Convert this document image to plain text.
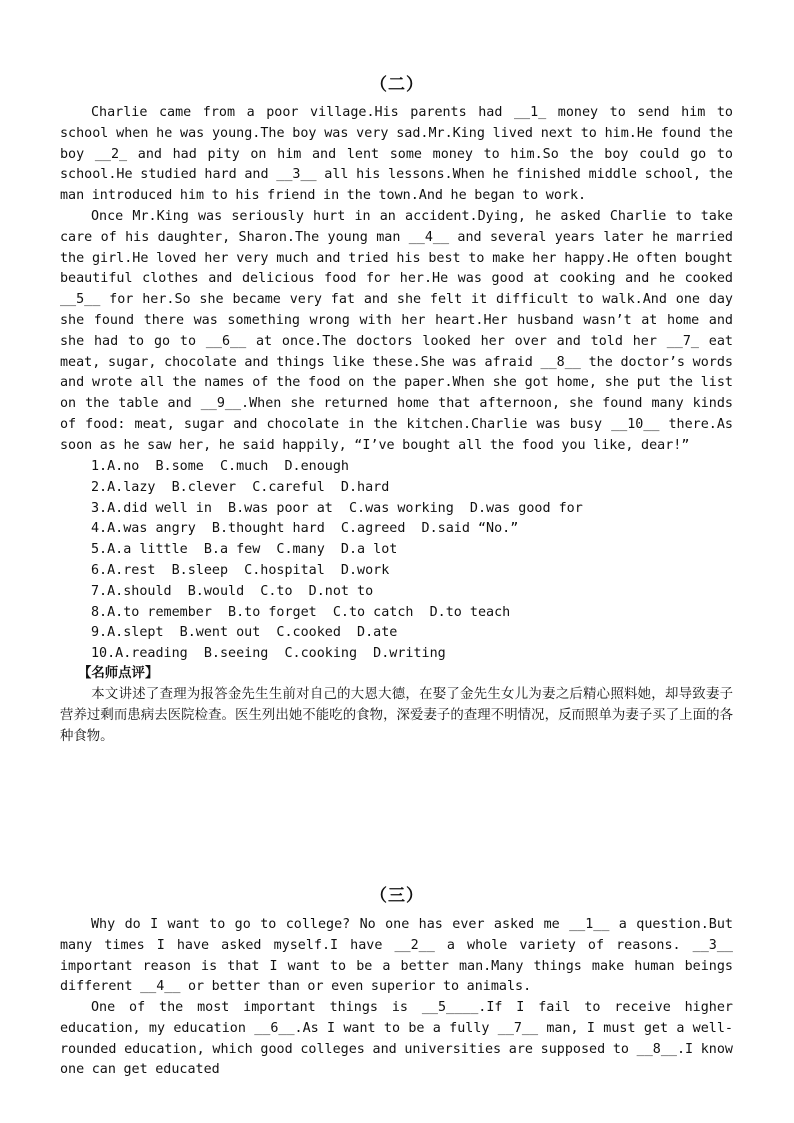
（二）
Charlie came from a poor village.His parents had __1_ money to send him to school when he was young.The boy was very sad.Mr.King lived next to him.He found the boy __2_ and had pity on him and lent some money to him.So the boy could go to school.He studied hard and __3__ all his lessons.When he finished middle school, the man introduced him to his friend in the town.And he began to work.
Once Mr.King was seriously hurt in an accident.Dying, he asked Charlie to take care of his daughter, Sharon.The young man __4__ and several years later he married the girl.He loved her very much and tried his best to make her happy.He often bought beautiful clothes and delicious food for her.He was good at cooking and he cooked __5__ for her.So she became very fat and she felt it difficult to walk.And one day she found there was something wrong with her heart.Her husband wasn’t at home and she had to go to __6__ at once.The doctors looked her over and told her __7_ eat meat, sugar, chocolate and things like these.She was afraid __8__ the doctor’s words and wrote all the names of the food on the paper.When she got home, she put the list on the table and __9__.When she returned home that afternoon, she found many kinds of food: meat, sugar and chocolate in the kitchen.Charlie was busy __10__ there.As soon as he saw her, he said happily, “I’ve bought all the food you like, dear!”
1.A.no  B.some  C.much  D.enough
2.A.lazy  B.clever  C.careful  D.hard
3.A.did well in  B.was poor at  C.was working  D.was good for
4.A.was angry  B.thought hard  C.agreed  D.said “No.”
5.A.a little  B.a few  C.many  D.a lot
6.A.rest  B.sleep  C.hospital  D.work
7.A.should  B.would  C.to  D.not to
8.A.to remember  B.to forget  C.to catch  D.to teach
9.A.slept  B.went out  C.cooked  D.ate
10.A.reading  B.seeing  C.cooking  D.writing
【名师点评】
本文讲述了查理为报答金先生生前对自己的大恩大德，在娶了金先生女儿为妻之后精心照料她，却导致妻子营养过剩而患病去医院检查。医生列出她不能吃的食物，深爱妻子的查理不明情况，反而照单为妻子买了上面的各种食物。
（三）
Why do I want to go to college? No one has ever asked me __1__ a question.But many times I have asked myself.I have __2__ a whole variety of reasons. __3__ important reason is that I want to be a better man.Many things make human beings different __4__ or better than or even superior to animals.
One of the most important things is __5____.If I fail to receive higher education, my education __6__.As I want to be a fully __7__ man, I must get a well-rounded education, which good colleges and universities are supposed to __8__.I know one can get educated
